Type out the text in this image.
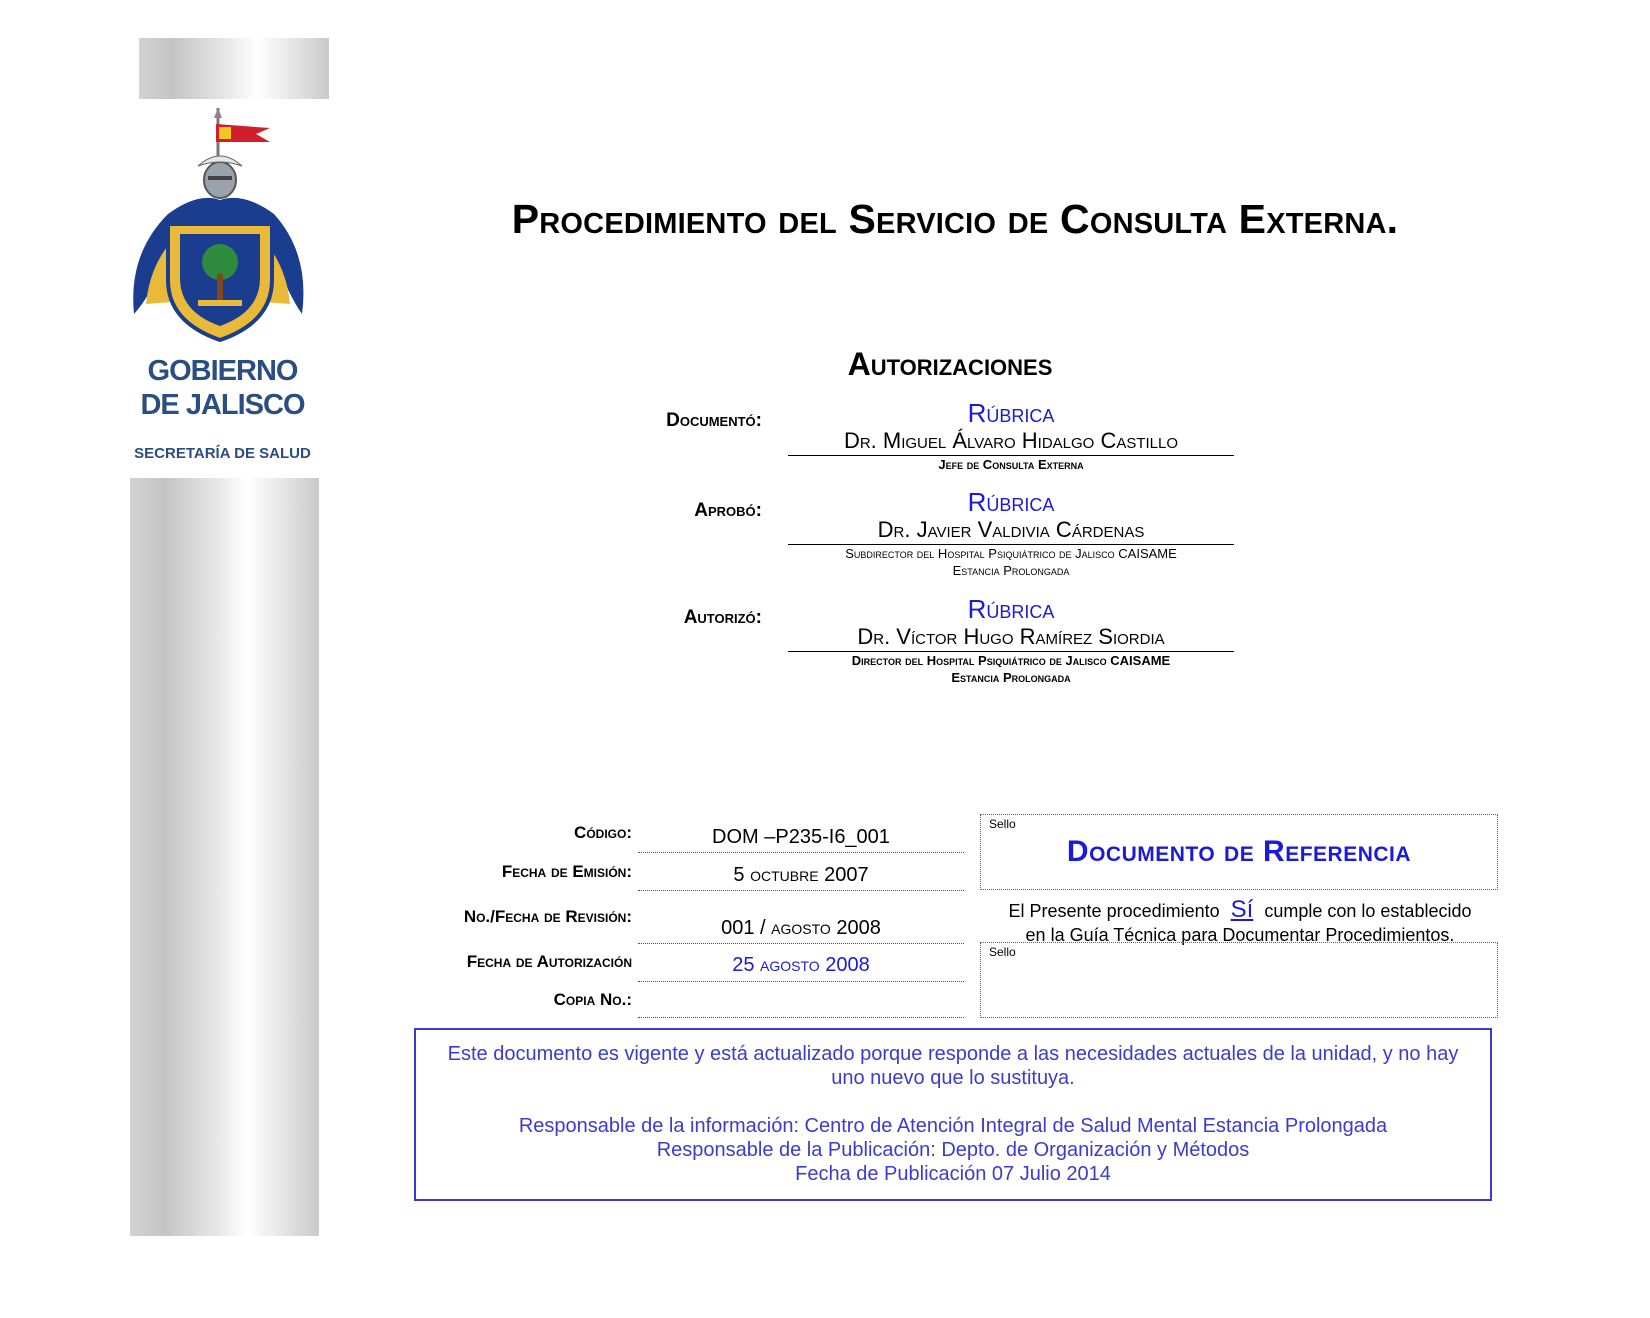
GOBIERNO
DE JALISCO
SECRETARÍA DE SALUD
Procedimiento del Servicio de Consulta Externa.
Autorizaciones
Documentó:	Rúbrica
Dr. Miguel Álvaro Hidalgo Castillo
Jefe de Consulta Externa
Aprobó:	Rúbrica
Dr. Javier Valdivia Cárdenas
Subdirector del Hospital Psiquiátrico de Jalisco CAISAME
Estancia Prolongada
Autorizó:	Rúbrica
Dr. Víctor Hugo Ramírez Siordia
Director del Hospital Psiquiátrico de Jalisco CAISAME
Estancia Prolongada
Código:	DOM –P235-I6_001
Fecha de Emisión:	5 octubre 2007
No./Fecha de Revisión:
001 / agosto 2008
Fecha de Autorización	25 agosto 2008
Copia No.:
Sello
Documento de Referencia
El Presente procedimiento Sí cumple con lo establecido
en la Guía Técnica para Documentar Procedimientos.
Sello

Este documento es vigente y está actualizado porque responde a las necesidades actuales de la unidad, y no hay uno nuevo que lo sustituya.

Responsable de la información: Centro de Atención Integral de Salud Mental Estancia Prolongada

Responsable de la Publicación: Depto. de Organización y Métodos

Fecha de Publicación 07 Julio 2014
